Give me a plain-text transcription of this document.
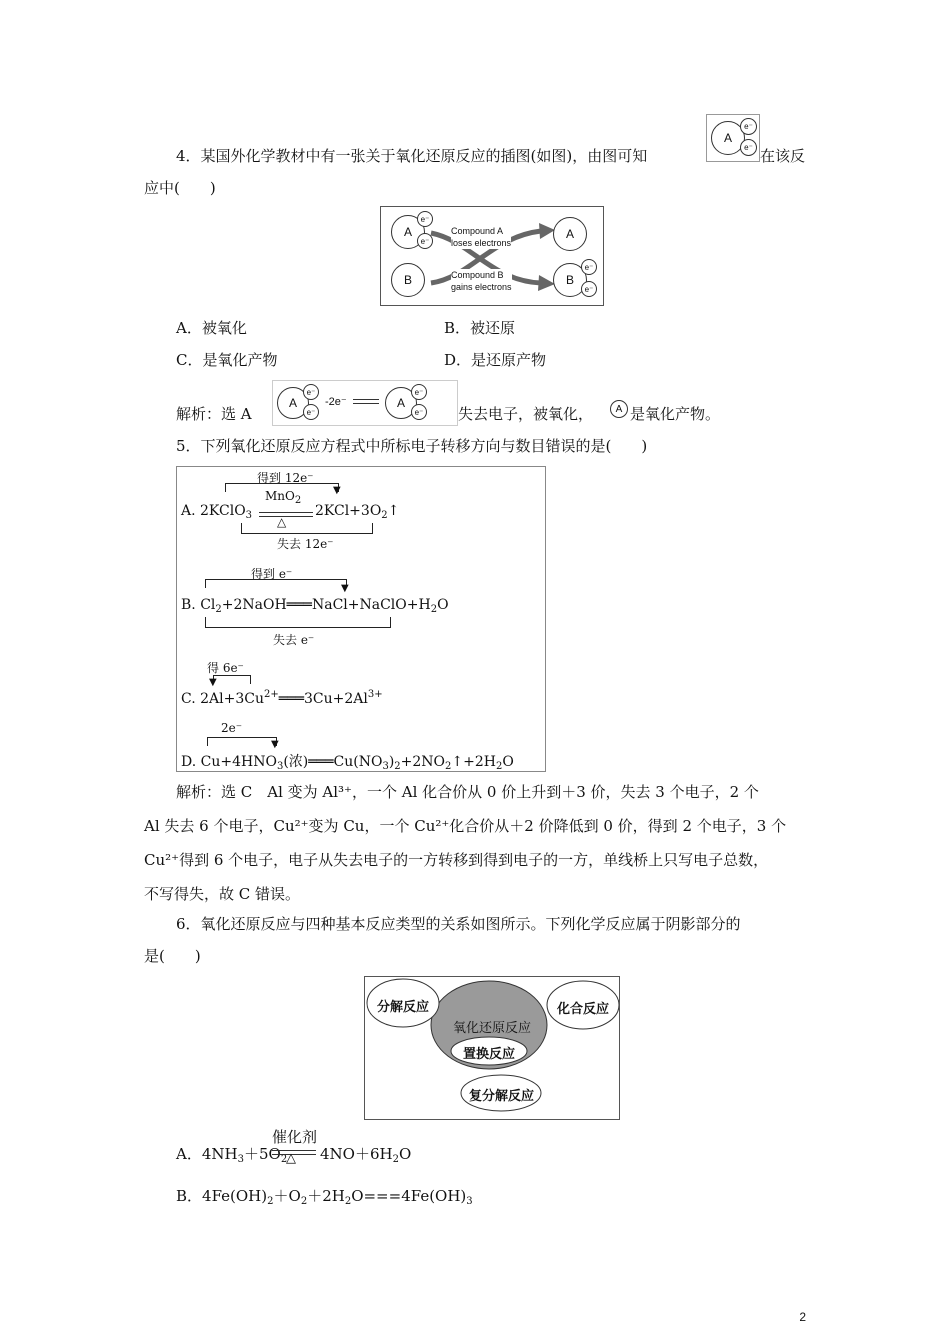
4．某国外化学教材中有一张关于氧化还原反应的插图(如图)，由图可知
A
e⁻
e⁻ 在该反
应中(　　)
A
e⁻
e⁻
B
Compound A
loses electrons
Compound B
gains electrons
A
B
e⁻
e⁻
A．被氧化	B．被还原
C．是氧化产物	D．是还原产物
解析：选 A
A
e⁻
e⁻
-2e⁻	A
e⁻
e⁻ 失去电子，被氧化， A 是氧化产物。
5．下列氧化还原反应方程式中所标电子转移方向与数目错误的是(　　)
得到 12e⁻
▼
A. 2KClO$_3$
MnO$_2$
△
$2KCl+3O_2↑$
失去 12e⁻
得到 e⁻
▼
B. $Cl_2+2NaOH═══NaCl+NaClO+H_2O$
失去 e⁻
得 6e⁻
▼
C. $2Al+3Cu^{2+}═══3Cu+2Al^{3+}$
2e⁻
▼
D. $Cu+4HNO_3$(浓)$═══Cu(NO_3)_2+2NO_2↑+2H_2O$
解析：选 C　Al 变为 Al³⁺，一个 Al 化合价从 0 价上升到＋3 价，失去 3 个电子，2 个
Al 失去 6 个电子，Cu²⁺变为 Cu，一个 Cu²⁺化合价从＋2 价降低到 0 价，得到 2 个电子，3 个
Cu²⁺得到 6 个电子，电子从失去电子的一方转移到得到电子的一方，单线桥上只写电子总数，
不写得失，故 C 错误。
6．氧化还原反应与四种基本反应类型的关系如图所示。下列化学反应属于阴影部分的
是(　　)
分解反应	化合反应
氧化还原反应
置换反应
复分解反应
A．$4NH_3+5O_2$
催化剂
△ $4NO+6H_2O$
B．$4Fe(OH)_2+O_2+2H_2O===4Fe(OH)_3$
2
